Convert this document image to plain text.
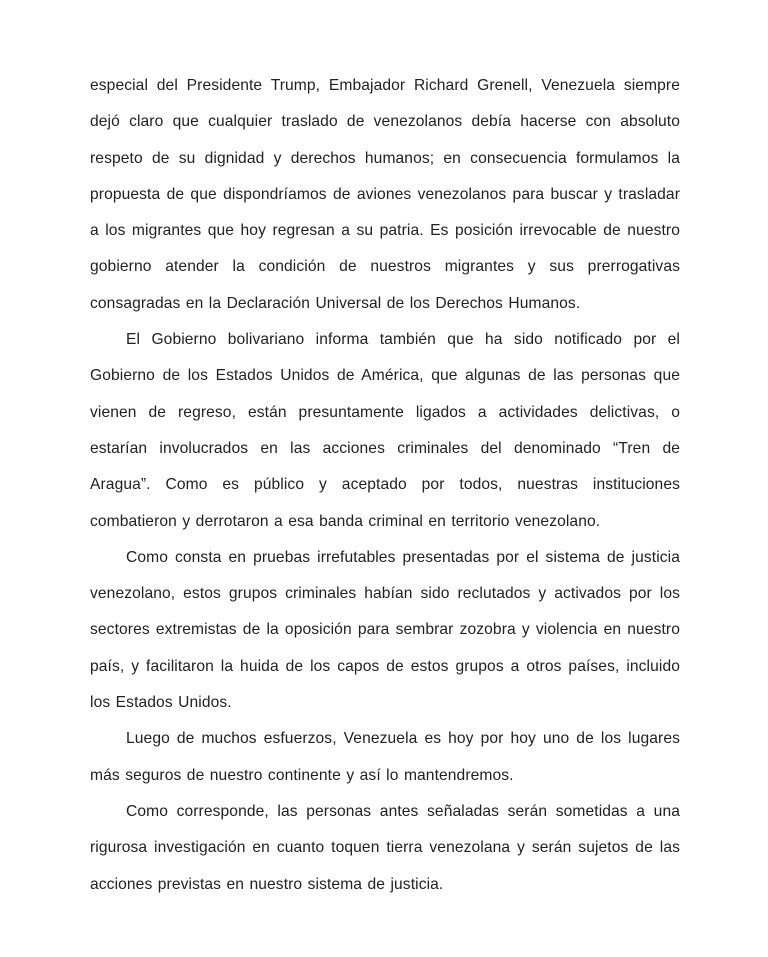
especial del Presidente Trump, Embajador Richard Grenell, Venezuela siempre dejó claro que cualquier traslado de venezolanos debía hacerse con absoluto respeto de su dignidad y derechos humanos; en consecuencia formulamos la propuesta de que dispondríamos de aviones venezolanos para buscar y trasladar a los migrantes que hoy regresan a su patria. Es posición irrevocable de nuestro gobierno atender la condición de nuestros migrantes y sus prerrogativas consagradas en la Declaración Universal de los Derechos Humanos.

El Gobierno bolivariano informa también que ha sido notificado por el Gobierno de los Estados Unidos de América, que algunas de las personas que vienen de regreso, están presuntamente ligados a actividades delictivas, o estarían involucrados en las acciones criminales del denominado “Tren de Aragua”. Como es público y aceptado por todos, nuestras instituciones combatieron y derrotaron a esa banda criminal en territorio venezolano.

Como consta en pruebas irrefutables presentadas por el sistema de justicia venezolano, estos grupos criminales habían sido reclutados y activados por los sectores extremistas de la oposición para sembrar zozobra y violencia en nuestro país, y facilitaron la huida de los capos de estos grupos a otros países, incluido los Estados Unidos.

Luego de muchos esfuerzos, Venezuela es hoy por hoy uno de los lugares más seguros de nuestro continente y así lo mantendremos.

Como corresponde, las personas antes señaladas serán sometidas a una rigurosa investigación en cuanto toquen tierra venezolana y serán sujetos de las acciones previstas en nuestro sistema de justicia.
